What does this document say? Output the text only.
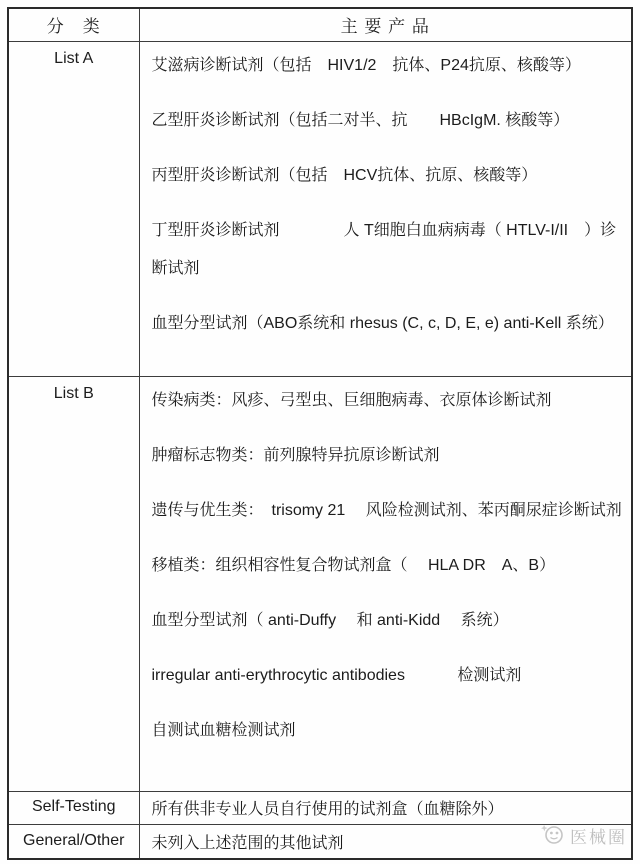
分　类	主 要 产 品
List A	艾滋病诊断试剂（包括　HIV1/2　抗体、P24抗原、核酸等）

乙型肝炎诊断试剂（包括二对半、抗　　HBcIgM. 核酸等）

丙型肝炎诊断试剂（包括　HCV抗体、抗原、核酸等）

丁型肝炎诊断试剂　　　　人 T细胞白血病病毒（ HTLV-I/II　）诊断试剂

血型分型试剂（ABO系统和 rhesus (C, c, D, E, e) anti-Kell 系统）

List B	传染病类：风疹、弓型虫、巨细胞病毒、衣原体诊断试剂

肿瘤标志物类：前列腺特异抗原诊断试剂

遗传与优生类：　trisomy 21　 风险检测试剂、苯丙酮尿症诊断试剂

移植类：组织相容性复合物试剂盒（　 HLA DR　A、B）

血型分型试剂（ anti-Duffy　 和 anti-Kidd　 系统）

irregular anti-erythrocytic antibodies　　　 检测试剂

自测试血糖检测试剂

Self-Testing	所有供非专业人员自行使用的试剂盒（血糖除外）

General/Other	未列入上述范围的其他试剂	医械圈
